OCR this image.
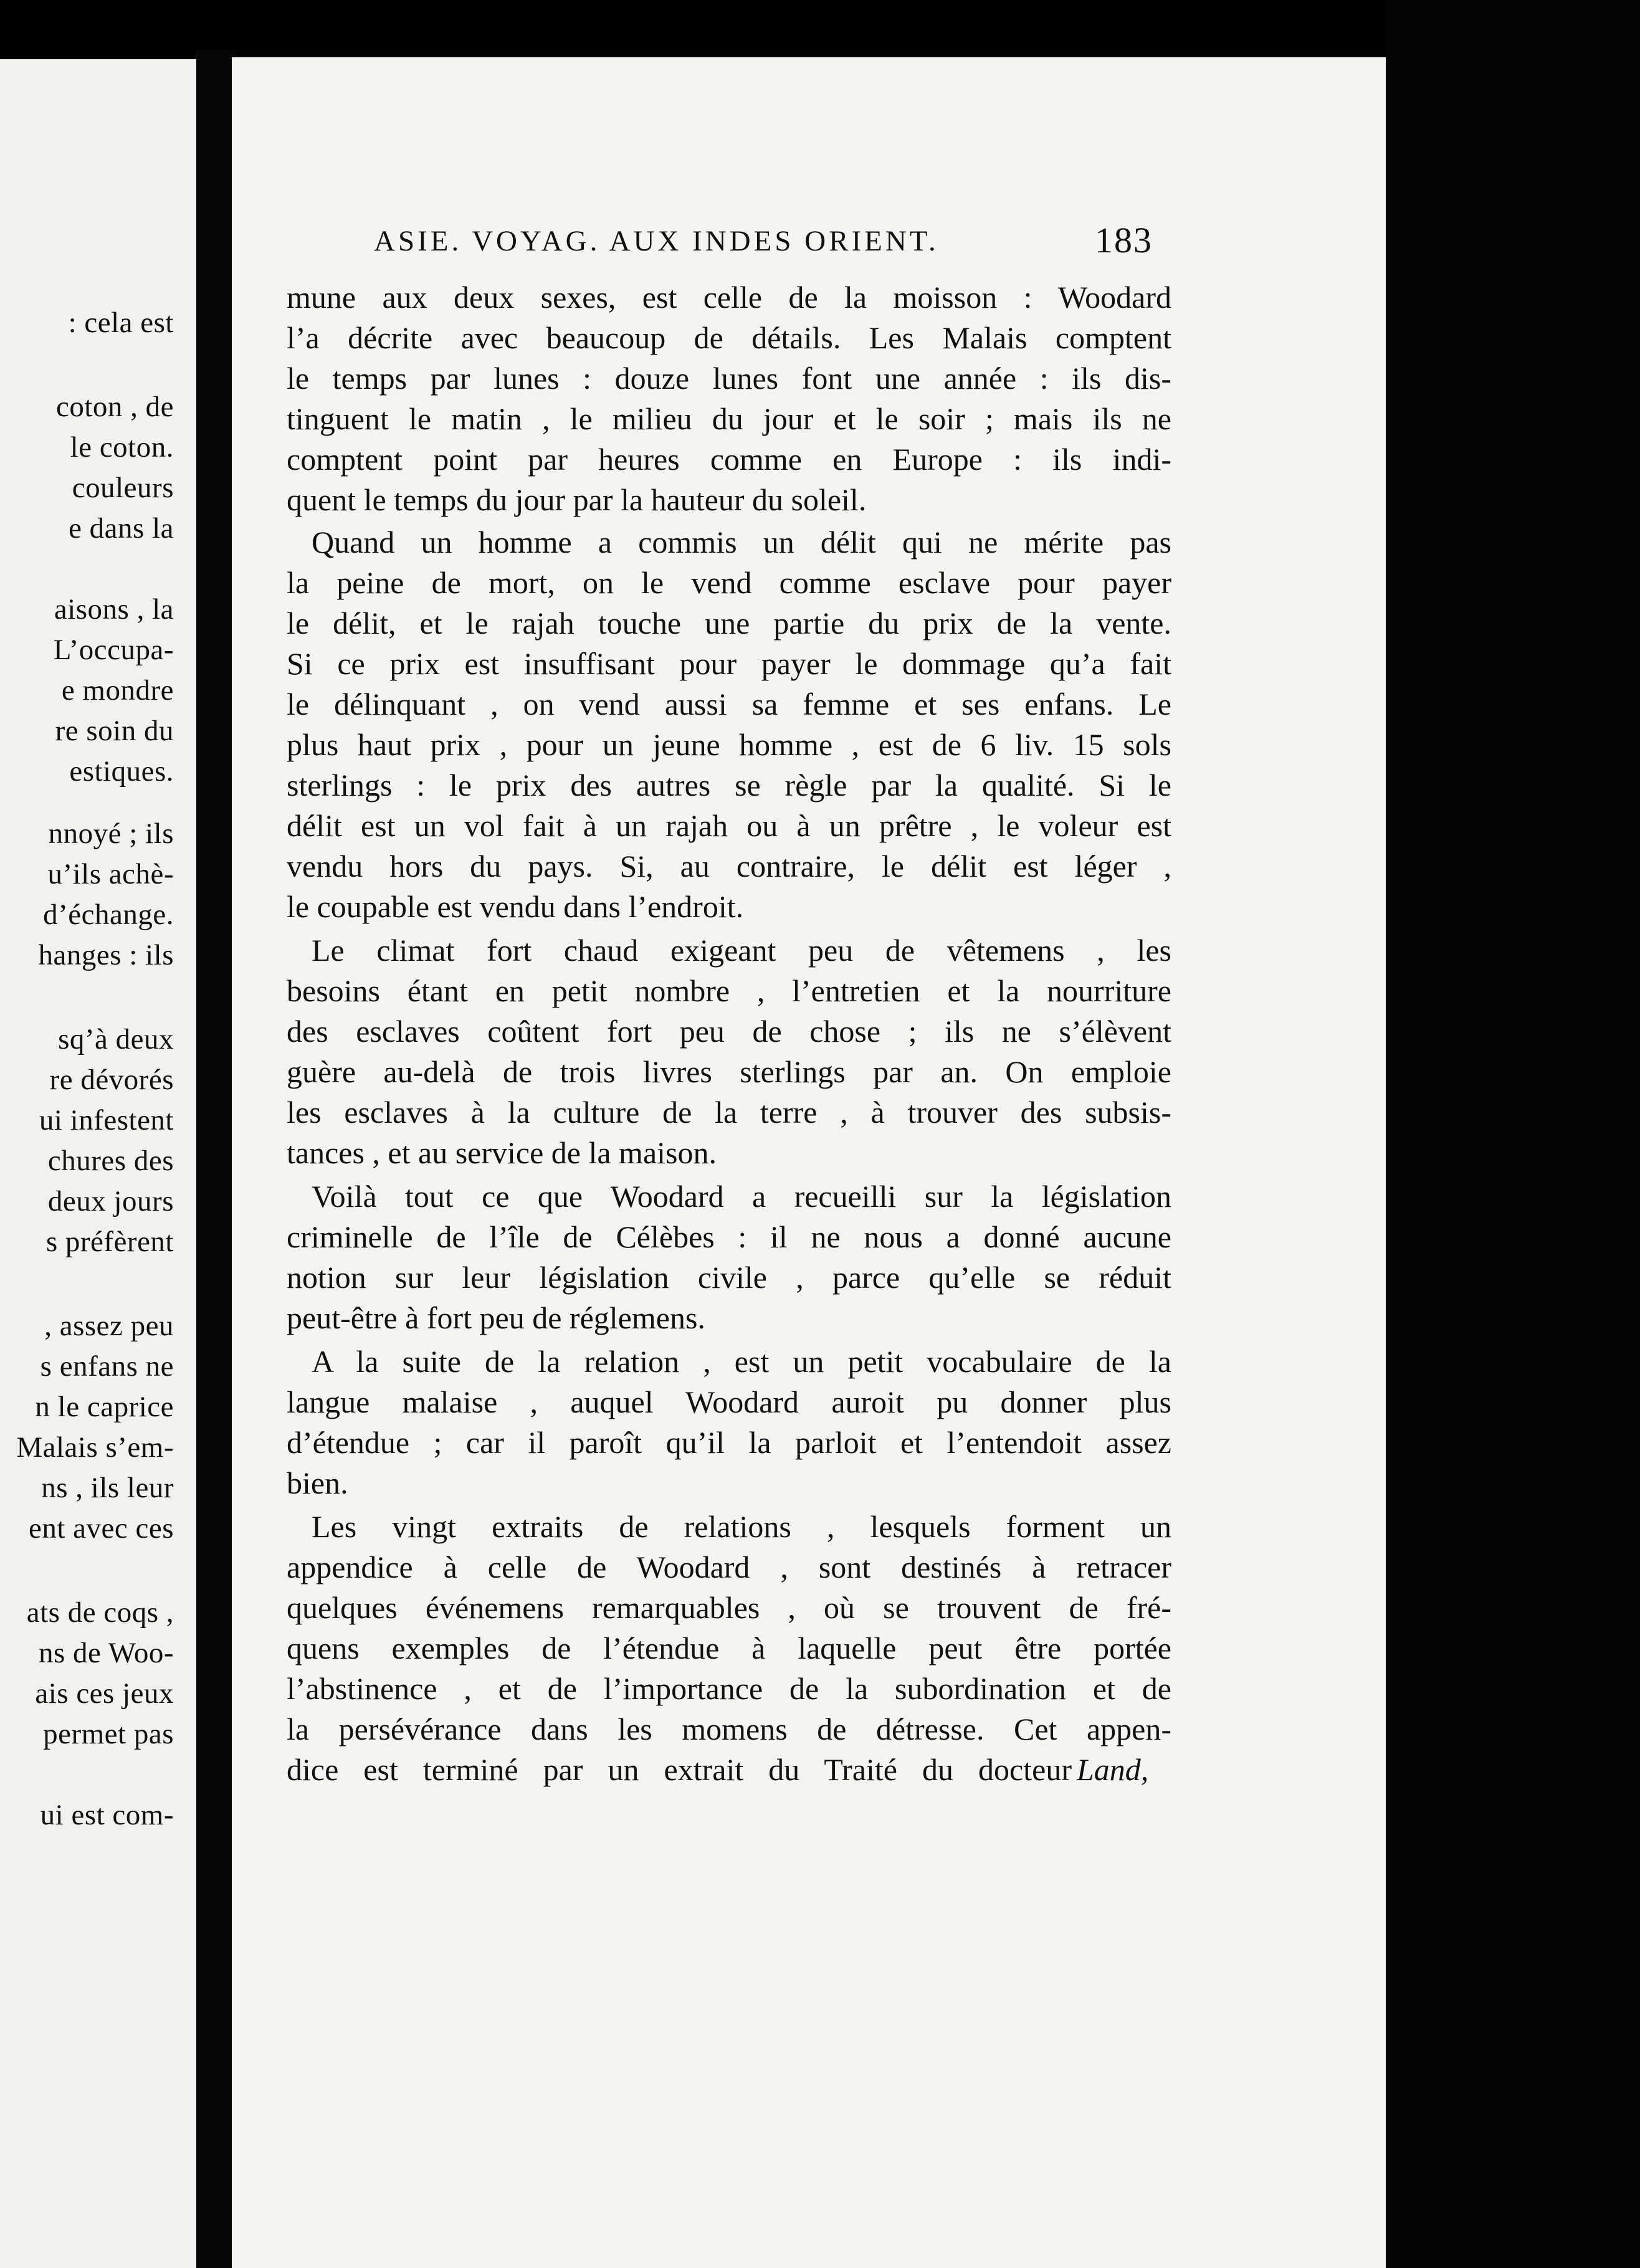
: cela est
coton , de
le coton.
couleurs
e dans la
aisons , la
L’occupa-
e mondre
re soin du
estiques.
nnoyé ; ils
u’ils achè-
d’échange.
hanges : ils
sq’à deux
re dévorés
ui infestent
chures des
deux jours
s préfèrent
, assez peu
s enfans ne
n le caprice
Malais s’em-
ns , ils leur
ent avec ces
ats de coqs ,
ns de Woo-
ais ces jeux
permet pas
ui est com-
ASIE. VOYAG. AUX INDES ORIENT.	183
mune aux deux sexes, est celle de la moisson : Woodard
l’a décrite avec beaucoup de détails. Les Malais comptent
le temps par lunes : douze lunes font une année : ils dis-
tinguent le matin , le milieu du jour et le soir ; mais ils ne
comptent point par heures comme en Europe : ils indi-
quent le temps du jour par la hauteur du soleil.
Quand un homme a commis un délit qui ne mérite pas
la peine de mort, on le vend comme esclave pour payer
le délit, et le rajah touche une partie du prix de la vente.
Si ce prix est insuffisant pour payer le dommage qu’a fait
le délinquant , on vend aussi sa femme et ses enfans. Le
plus haut prix , pour un jeune homme , est de 6 liv. 15 sols
sterlings : le prix des autres se règle par la qualité. Si le
délit est un vol fait à un rajah ou à un prêtre , le voleur est
vendu hors du pays. Si, au contraire, le délit est léger ,
le coupable est vendu dans l’endroit.
Le climat fort chaud exigeant peu de vêtemens , les
besoins étant en petit nombre , l’entretien et la nourriture
des esclaves coûtent fort peu de chose ; ils ne s’élèvent
guère au-delà de trois livres sterlings par an. On emploie
les esclaves à la culture de la terre , à trouver des subsis-
tances , et au service de la maison.
Voilà tout ce que Woodard a recueilli sur la législation
criminelle de l’île de Célèbes : il ne nous a donné aucune
notion sur leur législation civile , parce qu’elle se réduit
peut-être à fort peu de réglemens.
A la suite de la relation , est un petit vocabulaire de la
langue malaise , auquel Woodard auroit pu donner plus
d’étendue ; car il paroît qu’il la parloit et l’entendoit assez
bien.
Les vingt extraits de relations , lesquels forment un
appendice à celle de Woodard , sont destinés à retracer
quelques événemens remarquables , où se trouvent de fré-
quens exemples de l’étendue à laquelle peut être portée
l’abstinence , et de l’importance de la subordination et de
la persévérance dans les momens de détresse. Cet appen-
dice est terminé par un extrait du Traité du docteur Land,
